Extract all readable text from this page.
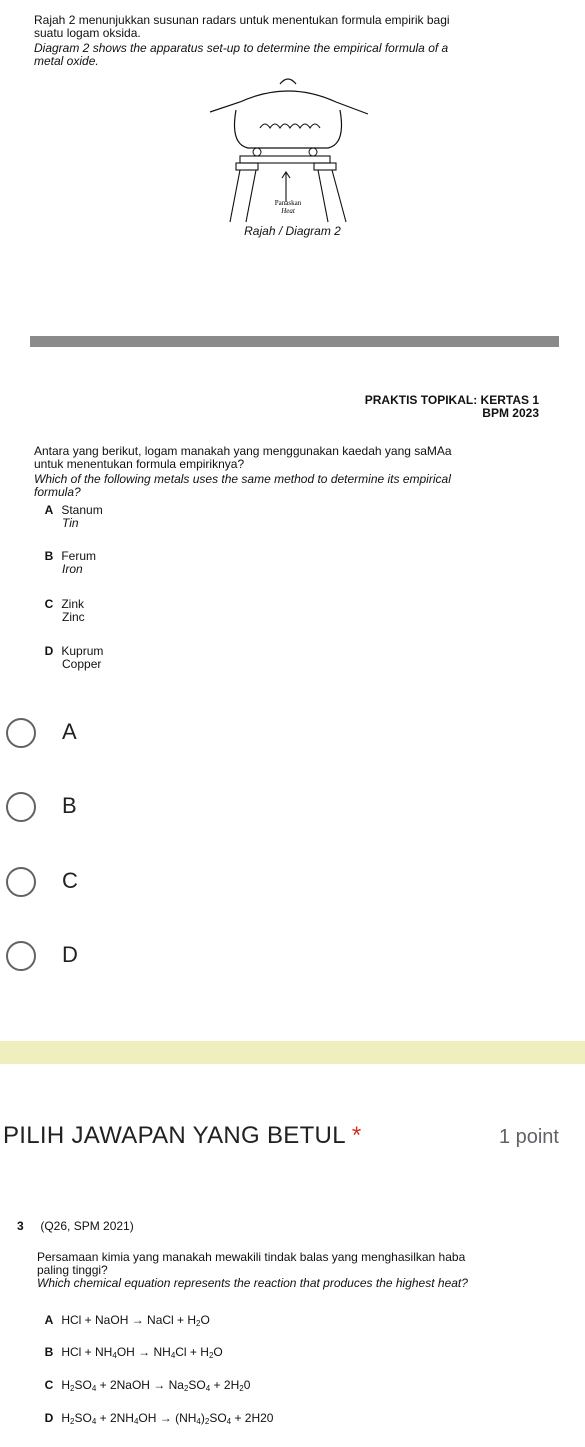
Rajah 2 menunjukkan susunan radars untuk menentukan formula empirik bagi
suatu logam oksida.
Diagram 2 shows the apparatus set-up to determine the empirical formula of a
metal oxide.
Panaskan
Heat
Rajah / Diagram 2
PRAKTIS TOPIKAL: KERTAS 1
BPM 2023
Antara yang berikut, logam manakah yang menggunakan kaedah yang saMAa
untuk menentukan formula empiriknya?
Which of the following metals uses the same method to determine its empirical
formula?
A Stanum
Tin
B Ferum
Iron
C Zink
Zinc
D Kuprum
Copper
A
B
C
D
PILIH JAWAPAN YANG BETUL *	1 point
3 (Q26, SPM 2021)
Persamaan kimia yang manakah mewakili tindak balas yang menghasilkan haba
paling tinggi?
Which chemical equation represents the reaction that produces the highest heat?
A HCl + NaOH → NaCl + $H_2O$
B HCl + $NH_4OH \to NH_4Cl + H_2O$
C $H_2SO_4$ + 2NaOH → $Na_2SO_4 + 2H_20$
D $H_2SO_4 + 2NH_4OH \to (NH_4)_2SO_4 + 2H20$
